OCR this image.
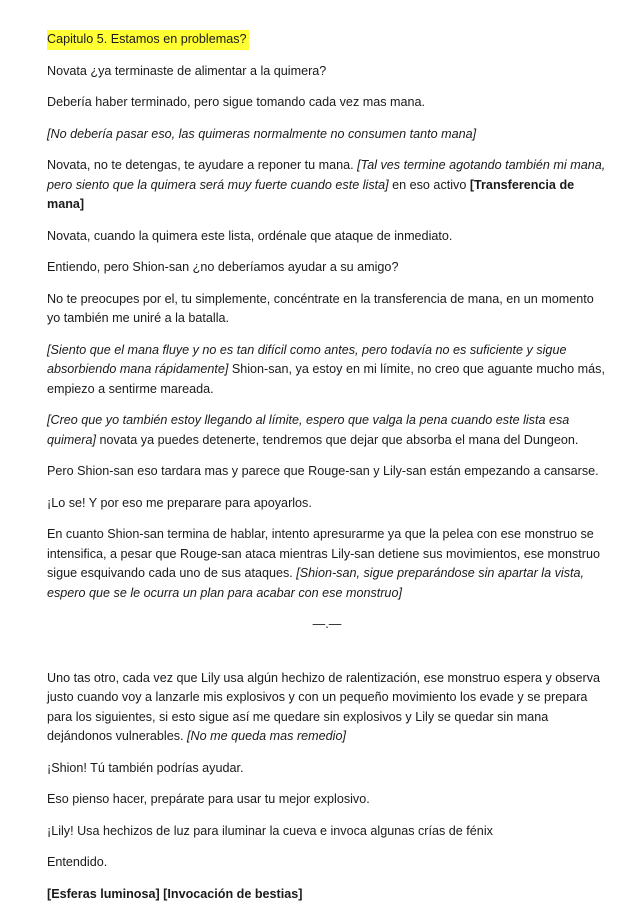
Capitulo 5. Estamos en problemas?

Novata ¿ya terminaste de alimentar a la quimera?

Debería haber terminado, pero sigue tomando cada vez mas mana.

[No debería pasar eso, las quimeras normalmente no consumen tanto mana]

Novata, no te detengas, te ayudare a reponer tu mana. [Tal ves termine agotando también mi mana, pero siento que la quimera será muy fuerte cuando este lista] en eso activo [Transferencia de mana]

Novata, cuando la quimera este lista, ordénale que ataque de inmediato.

Entiendo, pero Shion-san ¿no deberíamos ayudar a su amigo?

No te preocupes por el, tu simplemente, concéntrate en la transferencia de mana, en un momento yo también me uniré a la batalla.

[Siento que el mana fluye y no es tan difícil como antes, pero todavía no es suficiente y sigue absorbiendo mana rápidamente] Shion-san, ya estoy en mi límite, no creo que aguante mucho más, empiezo a sentirme mareada.

[Creo que yo también estoy llegando al límite, espero que valga la pena cuando este lista esa quimera] novata ya puedes detenerte, tendremos que dejar que absorba el mana del Dungeon.

Pero Shion-san eso tardara mas y parece que Rouge-san y Lily-san están empezando a cansarse.

¡Lo se! Y por eso me preparare para apoyarlos.

En cuanto Shion-san termina de hablar, intento apresurarme ya que la pelea con ese monstruo se intensifica, a pesar que Rouge-san ataca mientras Lily-san detiene sus movimientos, ese monstruo sigue esquivando cada uno de sus ataques. [Shion-san, sigue preparándose sin apartar la vista, espero que se le ocurra un plan para acabar con ese monstruo]

—.—

Uno tas otro, cada vez que Lily usa algún hechizo de ralentización, ese monstruo espera y observa justo cuando voy a lanzarle mis explosivos y con un pequeño movimiento los evade y se prepara para los siguientes, si esto sigue así me quedare sin explosivos y Lily se quedar sin mana dejándonos vulnerables. [No me queda mas remedio]

¡Shion! Tú también podrías ayudar.

Eso pienso hacer, prepárate para usar tu mejor explosivo.

¡Lily! Usa hechizos de luz para iluminar la cueva e invoca algunas crías de fénix

Entendido.

[Esferas luminosa] [Invocación de bestias]
